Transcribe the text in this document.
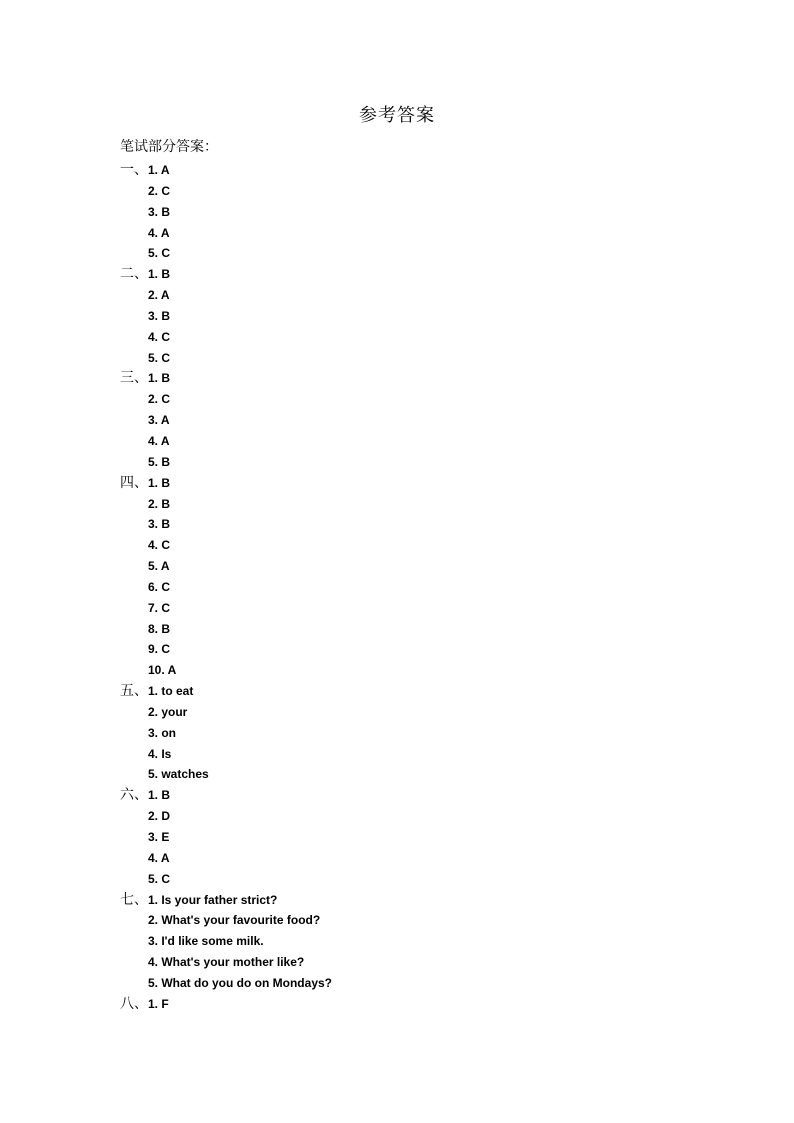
参考答案
笔试部分答案：
一、 1. A
2. C
3. B
4. A
5. C
二、 1. B
2. A
3. B
4. C
5. C
三、 1. B
2. C
3. A
4. A
5. B
四、 1. B
2. B
3. B
4. C
5. A
6. C
7. C
8. B
9. C
10. A
五、 1. to eat
2. your
3. on
4. Is
5. watches
六、 1. B
2. D
3. E
4. A
5. C
七、 1. Is your father strict?
2. What's your favourite food?
3. I'd like some milk.
4. What's your mother like?
5. What do you do on Mondays?
八、 1. F
